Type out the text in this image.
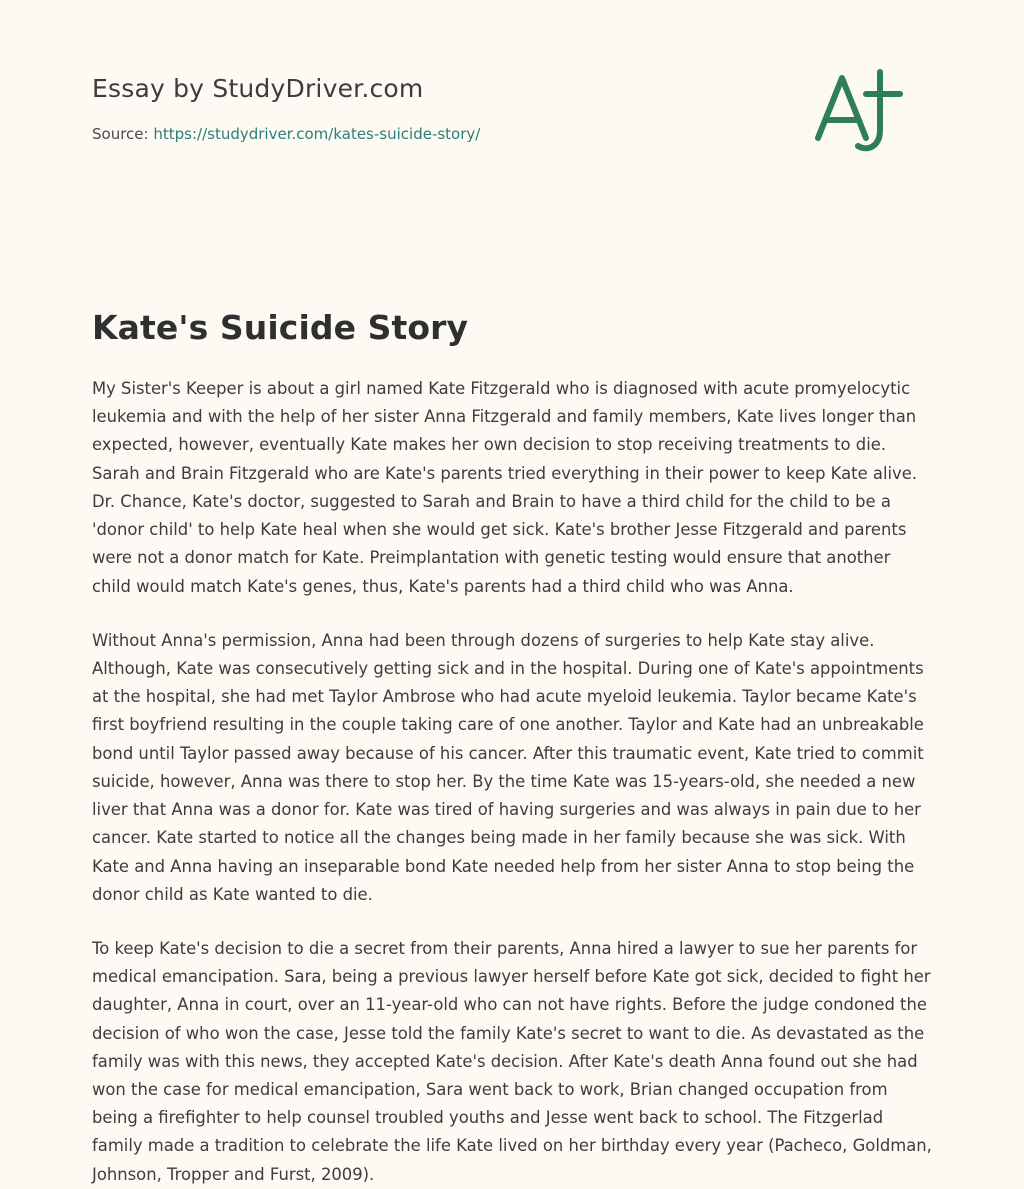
Essay by StudyDriver.com
Source: https://studydriver.com/kates-suicide-story/
Kate's Suicide Story

My Sister's Keeper is about a girl named Kate Fitzgerald who is diagnosed with acute promyelocytic leukemia and with the help of her sister Anna Fitzgerald and family members, Kate lives longer than expected, however, eventually Kate makes her own decision to stop receiving treatments to die. Sarah and Brain Fitzgerald who are Kate's parents tried everything in their power to keep Kate alive. Dr. Chance, Kate's doctor, suggested to Sarah and Brain to have a third child for the child to be a 'donor child' to help Kate heal when she would get sick. Kate's brother Jesse Fitzgerald and parents were not a donor match for Kate. Preimplantation with genetic testing would ensure that another child would match Kate's genes, thus, Kate's parents had a third child who was Anna.

Without Anna's permission, Anna had been through dozens of surgeries to help Kate stay alive. Although, Kate was consecutively getting sick and in the hospital. During one of Kate's appointments at the hospital, she had met Taylor Ambrose who had acute myeloid leukemia. Taylor became Kate's first boyfriend resulting in the couple taking care of one another. Taylor and Kate had an unbreakable bond until Taylor passed away because of his cancer. After this traumatic event, Kate tried to commit suicide, however, Anna was there to stop her. By the time Kate was 15-years-old, she needed a new liver that Anna was a donor for. Kate was tired of having surgeries and was always in pain due to her cancer. Kate started to notice all the changes being made in her family because she was sick. With Kate and Anna having an inseparable bond Kate needed help from her sister Anna to stop being the donor child as Kate wanted to die.

To keep Kate's decision to die a secret from their parents, Anna hired a lawyer to sue her parents for medical emancipation. Sara, being a previous lawyer herself before Kate got sick, decided to fight her daughter, Anna in court, over an 11-year-old who can not have rights. Before the judge condoned the decision of who won the case, Jesse told the family Kate's secret to want to die. As devastated as the family was with this news, they accepted Kate's decision. After Kate's death Anna found out she had won the case for medical emancipation, Sara went back to work, Brian changed occupation from being a firefighter to help counsel troubled youths and Jesse went back to school. The Fitzgerlad family made a tradition to celebrate the life Kate lived on her birthday every year (Pacheco, Goldman, Johnson, Tropper and Furst, 2009).
